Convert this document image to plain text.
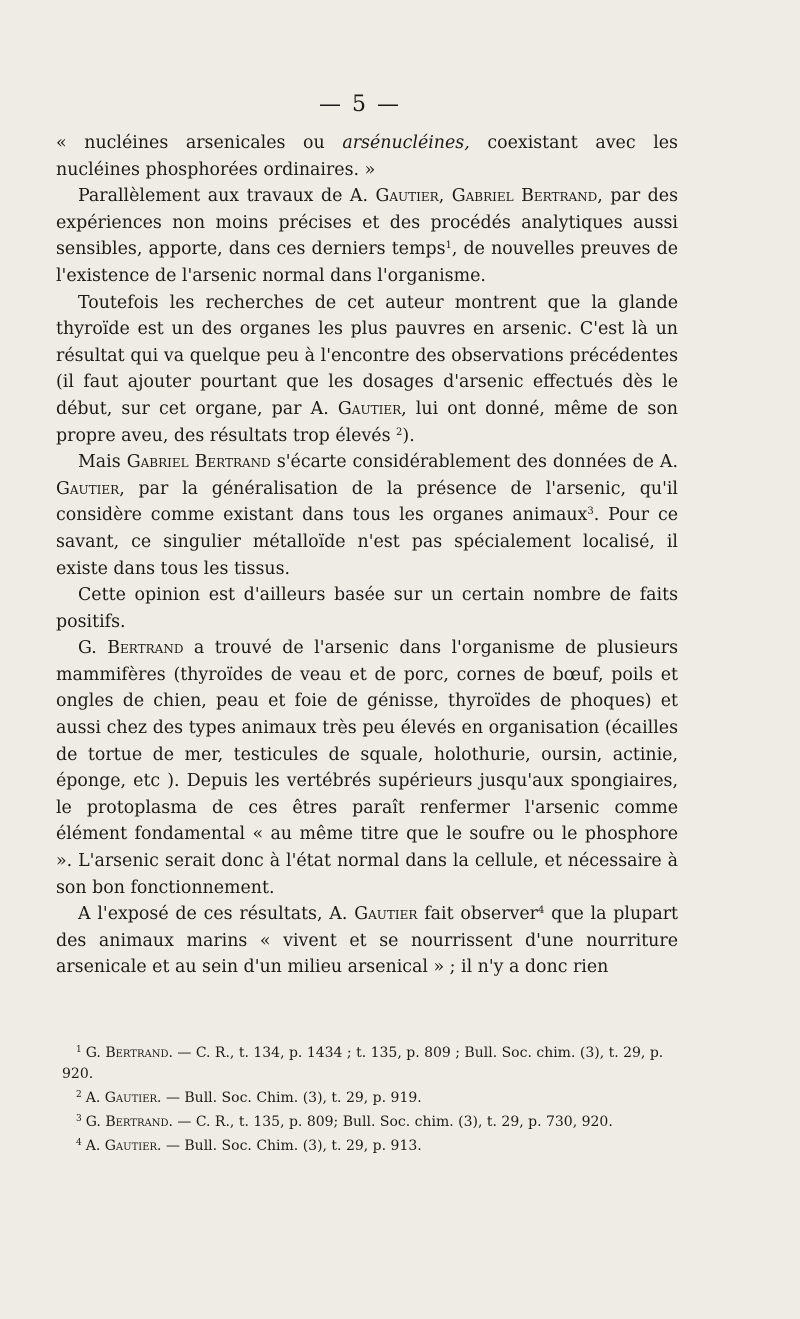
— 5 —

« nucléines arsenicales ou arsénucléines, coexistant avec les nucléines phosphorées ordinaires. »

Parallèlement aux travaux de A. Gautier, Gabriel Bertrand, par des expériences non moins précises et des procédés analytiques aussi sensibles, apporte, dans ces derniers temps$^1$, de nouvelles preuves de l'existence de l'arsenic normal dans l'organisme.

Toutefois les recherches de cet auteur montrent que la glande thyroïde est un des organes les plus pauvres en arsenic. C'est là un résultat qui va quelque peu à l'encontre des observations précédentes (il faut ajouter pourtant que les dosages d'arsenic effectués dès le début, sur cet organe, par A. Gautier, lui ont donné, même de son propre aveu, des résultats trop élevés $^2$).

Mais Gabriel Bertrand s'écarte considérablement des données de A. Gautier, par la généralisation de la présence de l'arsenic, qu'il considère comme existant dans tous les organes animaux$^3$. Pour ce savant, ce singulier métalloïde n'est pas spécialement localisé, il existe dans tous les tissus.

Cette opinion est d'ailleurs basée sur un certain nombre de faits positifs.

G. Bertrand a trouvé de l'arsenic dans l'organisme de plusieurs mammifères (thyroïdes de veau et de porc, cornes de bœuf, poils et ongles de chien, peau et foie de génisse, thyroïdes de phoques) et aussi chez des types animaux très peu élevés en organisation (écailles de tortue de mer, testicules de squale, holothurie, oursin, actinie, éponge, etc ). Depuis les vertébrés supérieurs jusqu'aux spongiaires, le protoplasma de ces êtres paraît renfermer l'arsenic comme élément fondamental « au même titre que le soufre ou le phosphore ». L'arsenic serait donc à l'état normal dans la cellule, et nécessaire à son bon fonctionnement.

A l'exposé de ces résultats, A. Gautier fait observer$^4$ que la plupart des animaux marins « vivent et se nourrissent d'une nourriture arsenicale et au sein d'un milieu arsenical » ; il n'y a donc rien

$^1$ G. Bertrand. — C. R., t. 134, p. 1434 ; t. 135, p. 809 ; Bull. Soc. chim. (3), t. 29, p. 920.

$^2$ A. Gautier. — Bull. Soc. Chim. (3), t. 29, p. 919.

$^3$ G. Bertrand. — C. R., t. 135, p. 809; Bull. Soc. chim. (3), t. 29, p. 730, 920.

$^4$ A. Gautier. — Bull. Soc. Chim. (3), t. 29, p. 913.
